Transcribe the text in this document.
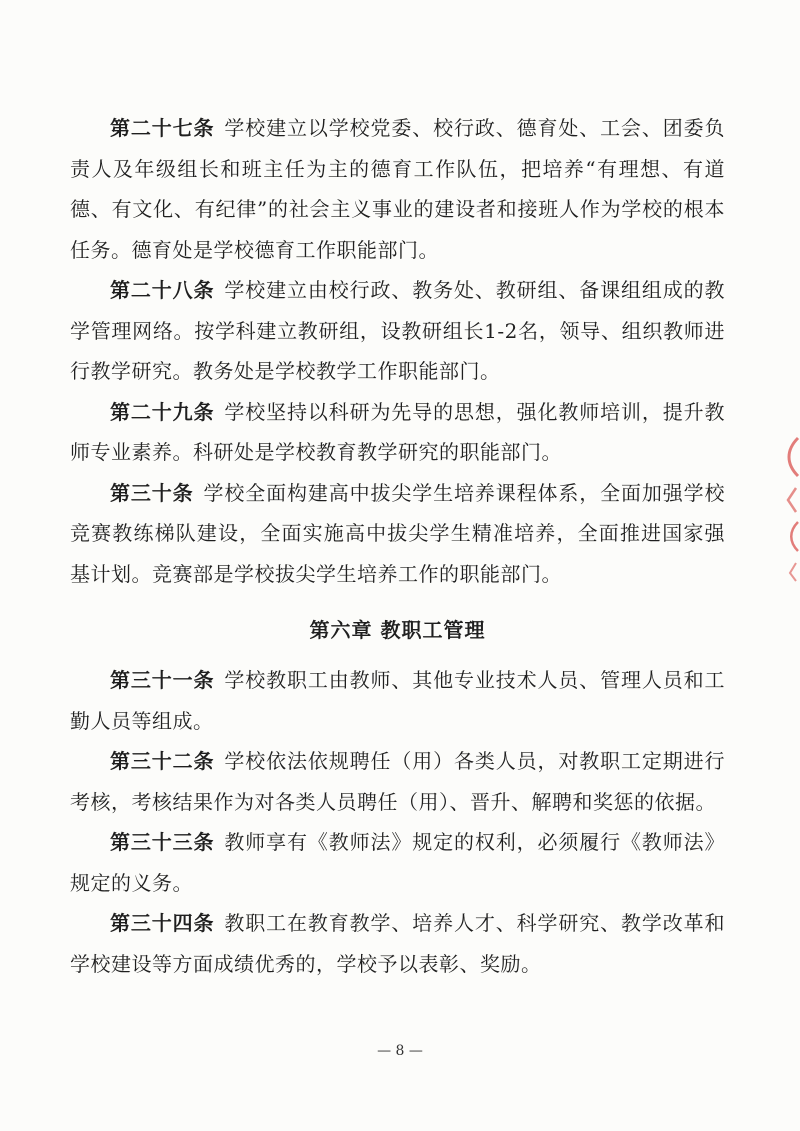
第二十七条 学校建立以学校党委、校行政、德育处、工会、团委负责人及年级组长和班主任为主的德育工作队伍，把培养“有理想、有道德、有文化、有纪律”的社会主义事业的建设者和接班人作为学校的根本任务。德育处是学校德育工作职能部门。

第二十八条 学校建立由校行政、教务处、教研组、备课组组成的教学管理网络。按学科建立教研组，设教研组长1-2名，领导、组织教师进行教学研究。教务处是学校教学工作职能部门。

第二十九条 学校坚持以科研为先导的思想，强化教师培训，提升教师专业素养。科研处是学校教育教学研究的职能部门。

第三十条 学校全面构建高中拔尖学生培养课程体系，全面加强学校竞赛教练梯队建设，全面实施高中拔尖学生精准培养，全面推进国家强基计划。竞赛部是学校拔尖学生培养工作的职能部门。

第六章 教职工管理

第三十一条 学校教职工由教师、其他专业技术人员、管理人员和工勤人员等组成。

第三十二条 学校依法依规聘任（用）各类人员，对教职工定期进行考核，考核结果作为对各类人员聘任（用）、晋升、解聘和奖惩的依据。

第三十三条 教师享有《教师法》规定的权利，必须履行《教师法》规定的义务。

第三十四条 教职工在教育教学、培养人才、科学研究、教学改革和学校建设等方面成绩优秀的，学校予以表彰、奖励。

— 8 —
